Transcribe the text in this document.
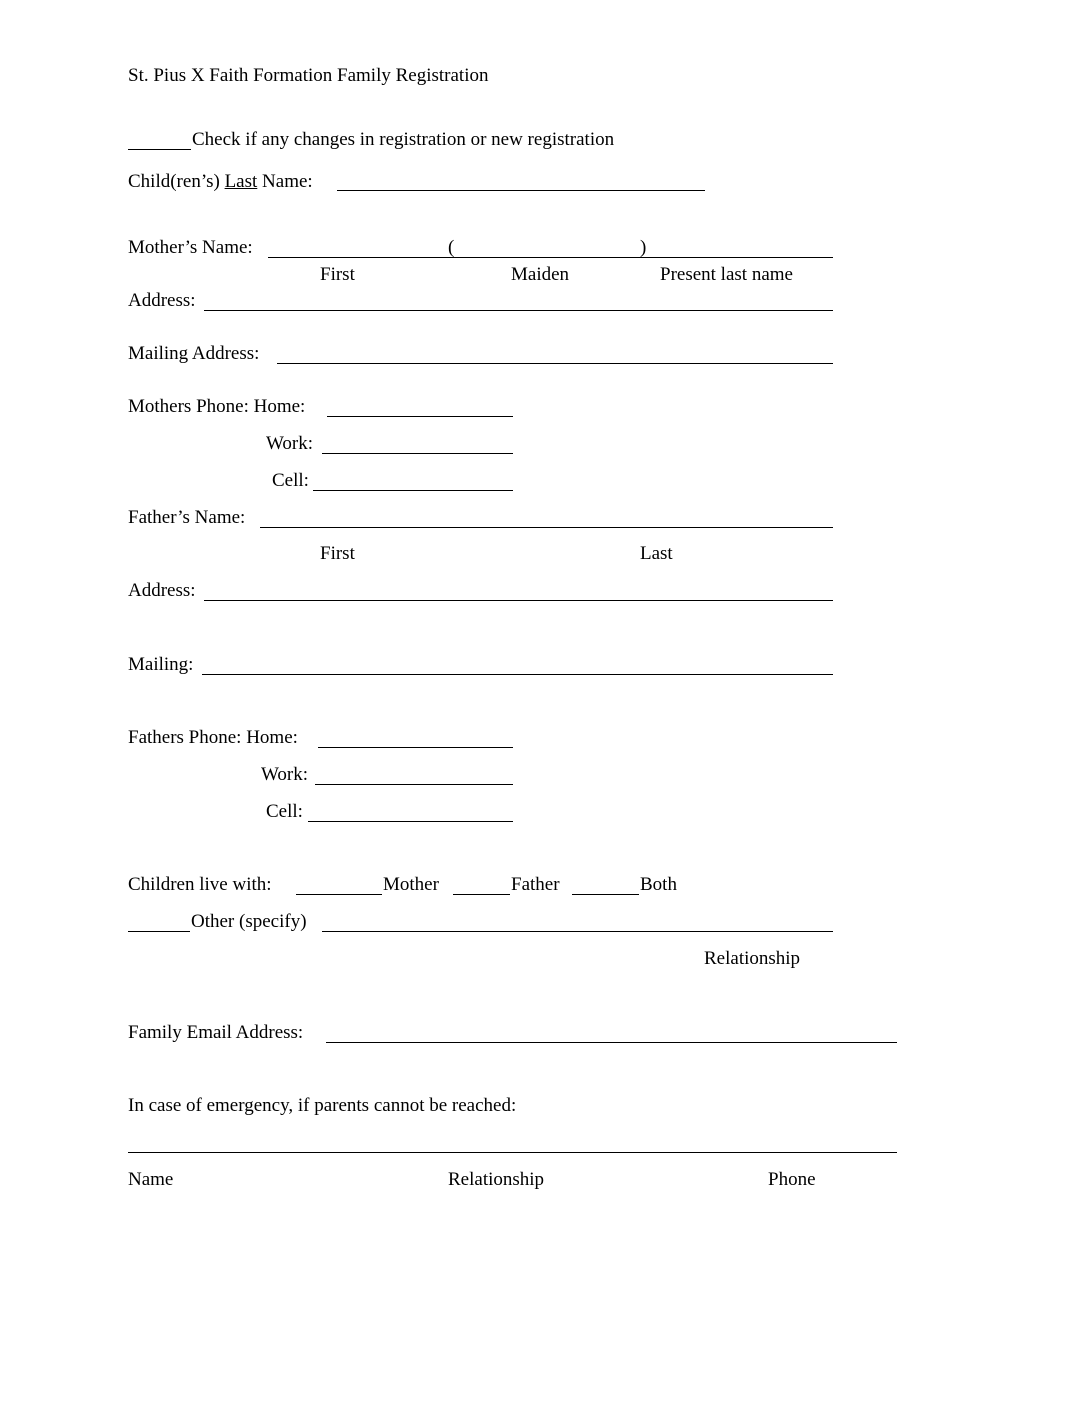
St. Pius X Faith Formation Family Registration
Check if any changes in registration or new registration
Child(ren’s) Last Name:
Mother’s Name:	(	)
First	Maiden	Present last name
Address:
Mailing Address:
Mothers Phone: Home:
Work:
Cell:
Father’s Name:
First	Last
Address:
Mailing:
Fathers Phone: Home:
Work:
Cell:
Children live with:	Mother	Father	Both
Other (specify)
Relationship
Family Email Address:
In case of emergency, if parents cannot be reached:
Name	Relationship	Phone
